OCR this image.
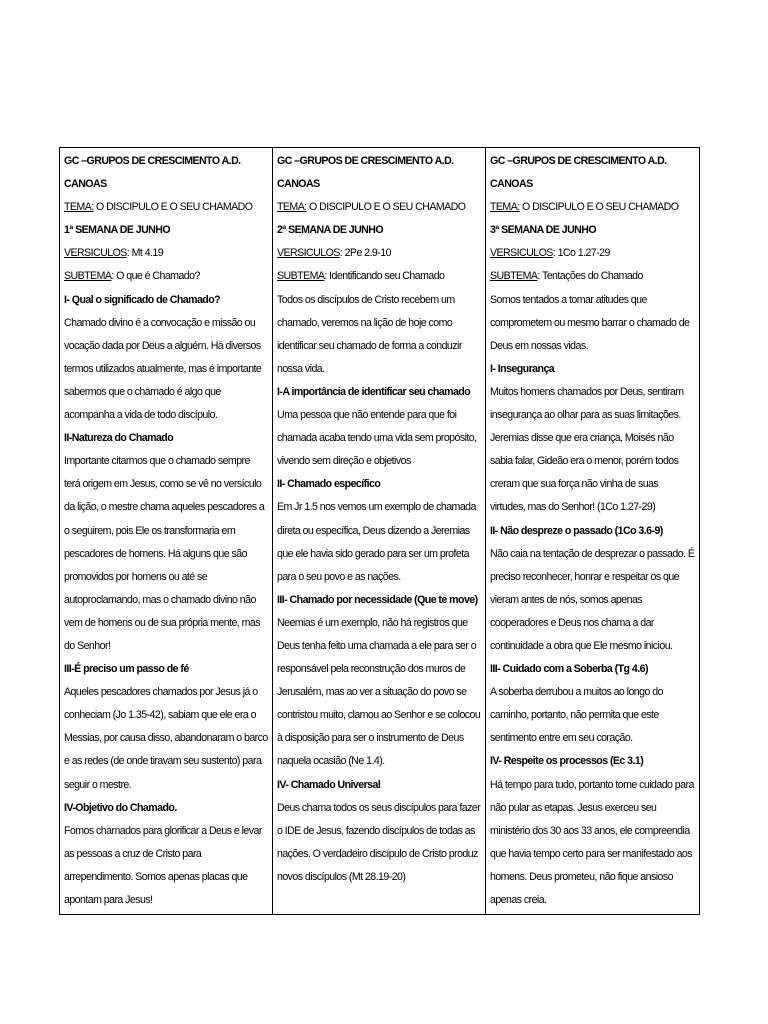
GC –GRUPOS DE CRESCIMENTO A.D. CANOAS
TEMA: O DISCIPULO E O SEU CHAMADO
1ª SEMANA DE JUNHO
VERSICULOS: Mt 4.19
SUBTEMA: O que é Chamado?
I- Qual o significado de Chamado?
Chamado divino é a convocação e missão ou vocação dada por Deus a alguém. Há diversos termos utilizados atualmente, mas é importante sabermos que o chamado é algo que acompanha a vida de todo discípulo.
II-Natureza do Chamado
Importante citarmos que o chamado sempre terá origem em Jesus, como se vê no versículo da lição, o mestre chama aqueles pescadores a o seguirem, pois Ele os transformaria em pescadores de homens. Há alguns que são promovidos por homens ou até se autoproclamando, mas o chamado divino não vem de homens ou de sua própria mente, mas do Senhor!
III-É preciso um passo de fé
Aqueles pescadores chamados por Jesus já o conheciam (Jo 1.35-42), sabiam que ele era o Messias, por causa disso, abandonaram o barco e as redes (de onde tiravam seu sustento) para seguir o mestre.
IV-Objetivo do Chamado.
Fomos chamados para glorificar a Deus e levar as pessoas a cruz de Cristo para arrependimento. Somos apenas placas que apontam para Jesus!

GC –GRUPOS DE CRESCIMENTO A.D. CANOAS
TEMA: O DISCIPULO E O SEU CHAMADO
2ª SEMANA DE JUNHO
VERSICULOS: 2Pe 2.9-10
SUBTEMA: Identificando seu Chamado
Todos os discípulos de Cristo recebem um chamado, veremos na lição de hoje como identificar seu chamado de forma a conduzir nossa vida.
I-A importância de identificar seu chamado
Uma pessoa que não entende para que foi chamada acaba tendo uma vida sem propósito, vivendo sem direção e objetivos
II- Chamado específico
Em Jr 1.5 nos vemos um exemplo de chamada direta ou específica, Deus dizendo a Jeremias que ele havia sido gerado para ser um profeta para o seu povo e as nações.
III- Chamado por necessidade (Que te move)
Neemias é um exemplo, não há registros que Deus tenha feito uma chamada a ele para ser o responsável pela reconstrução dos muros de Jerusalém, mas ao ver a situação do povo se contristou muito, clamou ao Senhor e se colocou à disposição para ser o instrumento de Deus naquela ocasião (Ne 1.4).
IV- Chamado Universal
Deus chama todos os seus discípulos para fazer o IDE de Jesus, fazendo discípulos de todas as nações. O verdadeiro discípulo de Cristo produz novos discípulos (Mt 28.19-20)

GC –GRUPOS DE CRESCIMENTO A.D. CANOAS
TEMA: O DISCIPULO E O SEU CHAMADO
3ª SEMANA DE JUNHO
VERSICULOS: 1Co 1.27-29
SUBTEMA: Tentações do Chamado
Somos tentados a tomar atitudes que comprometem ou mesmo barrar o chamado de Deus em nossas vidas.
I- Insegurança
Muitos homens chamados por Deus, sentiram insegurança ao olhar para as suas limitações. Jeremias disse que era criança, Moisés não sabia falar, Gideão era o menor, porém todos creram que sua força não vinha de suas virtudes, mas do Senhor! (1Co 1.27-29)
II- Não despreze o passado (1Co 3.6-9)
Não caia na tentação de desprezar o passado. É preciso reconhecer, honrar e respeitar os que vieram antes de nós, somos apenas cooperadores e Deus nos chama a dar continuidade a obra que Ele mesmo iniciou.
III- Cuidado com a Soberba (Tg 4.6)
A soberba derrubou a muitos ao longo do caminho, portanto, não permita que este sentimento entre em seu coração.
IV- Respeite os processos (Ec 3.1)
Há tempo para tudo, portanto tome cuidado para não pular as etapas. Jesus exerceu seu ministério dos 30 aos 33 anos, ele compreendia que havia tempo certo para ser manifestado aos homens. Deus prometeu, não fique ansioso apenas creia.
